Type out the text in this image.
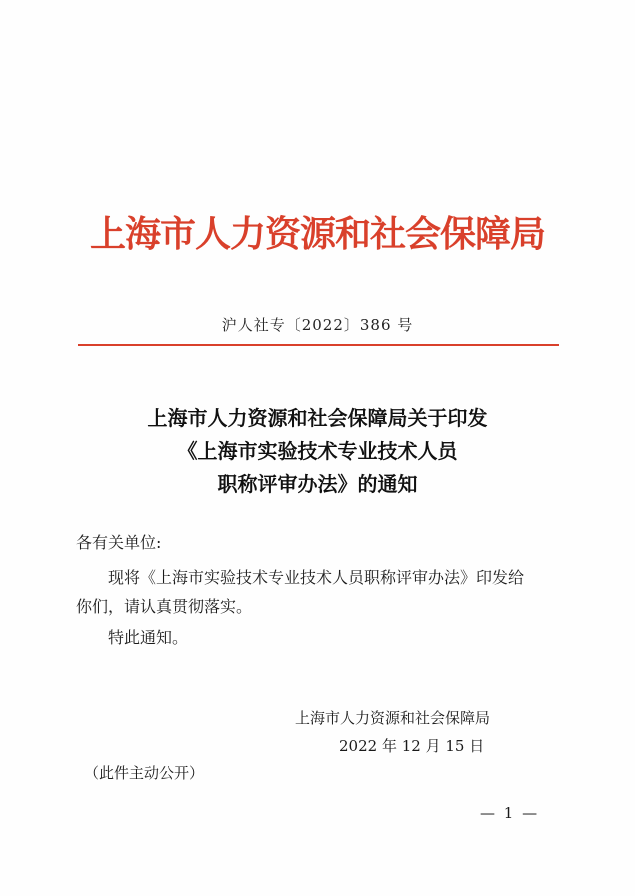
上海市人力资源和社会保障局
沪人社专〔2022〕386 号
上海市人力资源和社会保障局关于印发
《上海市实验技术专业技术人员
职称评审办法》的通知
各有关单位:
现将《上海市实验技术专业技术人员职称评审办法》印发给
你们，请认真贯彻落实。
特此通知。
上海市人力资源和社会保障局
2022 年 12 月 15 日
（此件主动公开）
— 1 —
